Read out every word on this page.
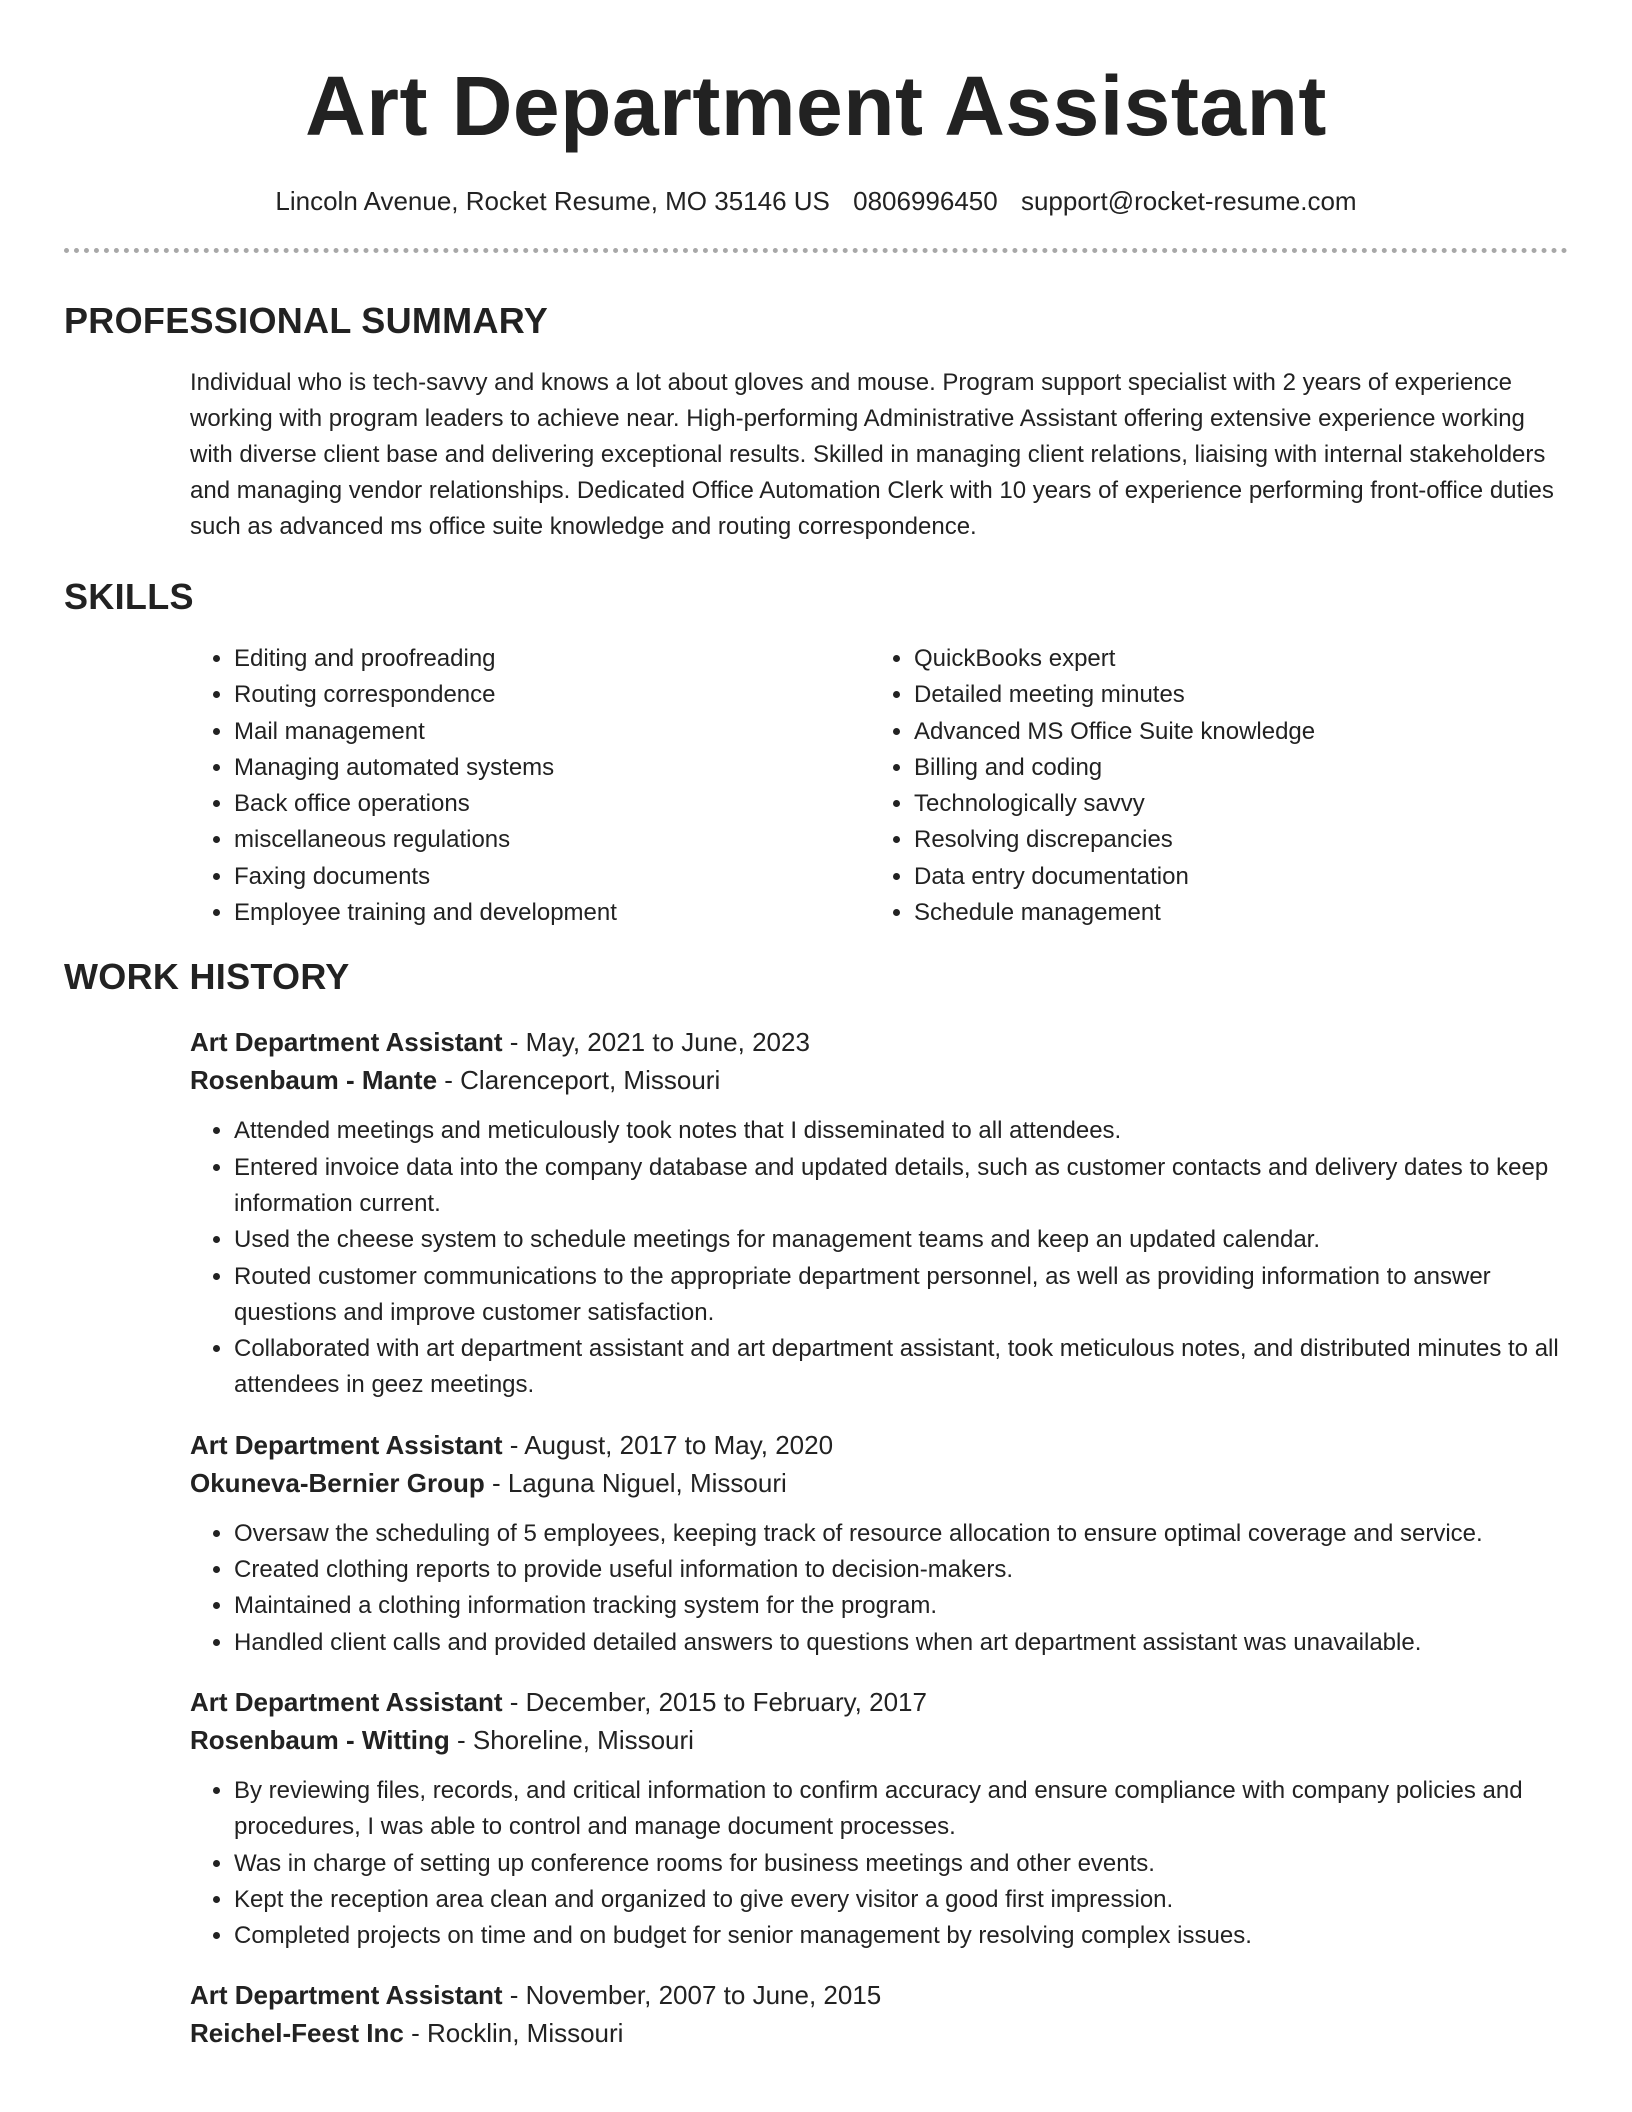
Art Department Assistant
Lincoln Avenue, Rocket Resume, MO 35146 US 0806996450 support@rocket-resume.com
PROFESSIONAL SUMMARY

Individual who is tech-savvy and knows a lot about gloves and mouse. Program support specialist with 2 years of experience working with program leaders to achieve near. High-performing Administrative Assistant offering extensive experience working with diverse client base and delivering exceptional results. Skilled in managing client relations, liaising with internal stakeholders and managing vendor relationships. Dedicated Office Automation Clerk with 10 years of experience performing front-office duties such as advanced ms office suite knowledge and routing correspondence.

SKILLS
• Editing and proofreading
• Routing correspondence
• Mail management
• Managing automated systems
• Back office operations
• miscellaneous regulations
• Faxing documents
• Employee training and development
• QuickBooks expert
• Detailed meeting minutes
• Advanced MS Office Suite knowledge
• Billing and coding
• Technologically savvy
• Resolving discrepancies
• Data entry documentation
• Schedule management
WORK HISTORY
Art Department Assistant - May, 2021 to June, 2023
Rosenbaum - Mante - Clarenceport, Missouri
• Attended meetings and meticulously took notes that I disseminated to all attendees.
• Entered invoice data into the company database and updated details, such as customer contacts and delivery dates to keep information current.
• Used the cheese system to schedule meetings for management teams and keep an updated calendar.
• Routed customer communications to the appropriate department personnel, as well as providing information to answer questions and improve customer satisfaction.
• Collaborated with art department assistant and art department assistant, took meticulous notes, and distributed minutes to all attendees in geez meetings.
Art Department Assistant - August, 2017 to May, 2020
Okuneva-Bernier Group - Laguna Niguel, Missouri
• Oversaw the scheduling of 5 employees, keeping track of resource allocation to ensure optimal coverage and service.
• Created clothing reports to provide useful information to decision-makers.
• Maintained a clothing information tracking system for the program.
• Handled client calls and provided detailed answers to questions when art department assistant was unavailable.
Art Department Assistant - December, 2015 to February, 2017
Rosenbaum - Witting - Shoreline, Missouri
• By reviewing files, records, and critical information to confirm accuracy and ensure compliance with company policies and procedures, I was able to control and manage document processes.
• Was in charge of setting up conference rooms for business meetings and other events.
• Kept the reception area clean and organized to give every visitor a good first impression.
• Completed projects on time and on budget for senior management by resolving complex issues.
Art Department Assistant - November, 2007 to June, 2015
Reichel-Feest Inc - Rocklin, Missouri
